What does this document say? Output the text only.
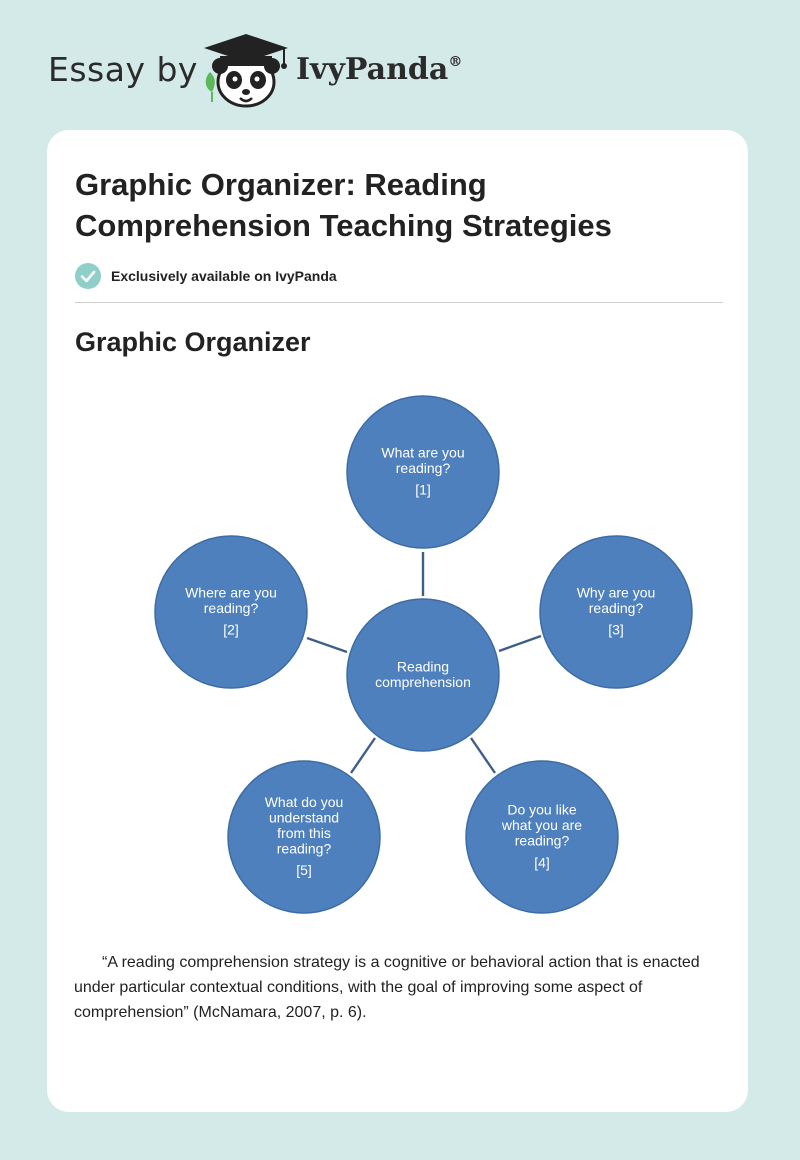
Essay by	IvyPanda®
Graphic Organizer: Reading Comprehension Teaching Strategies
Exclusively available on IvyPanda
Graphic Organizer
Reading
comprehension
What are you
reading?
[1]
Where are you
reading?
[2]
Why are you
reading?
[3]
What do you
understand
from this
reading?
[5]
Do you like
what you are
reading?
[4]

“A reading comprehension strategy is a cognitive or behavioral action that is enacted under particular contextual conditions, with the goal of improving some aspect of comprehension” (McNamara, 2007, p. 6).
